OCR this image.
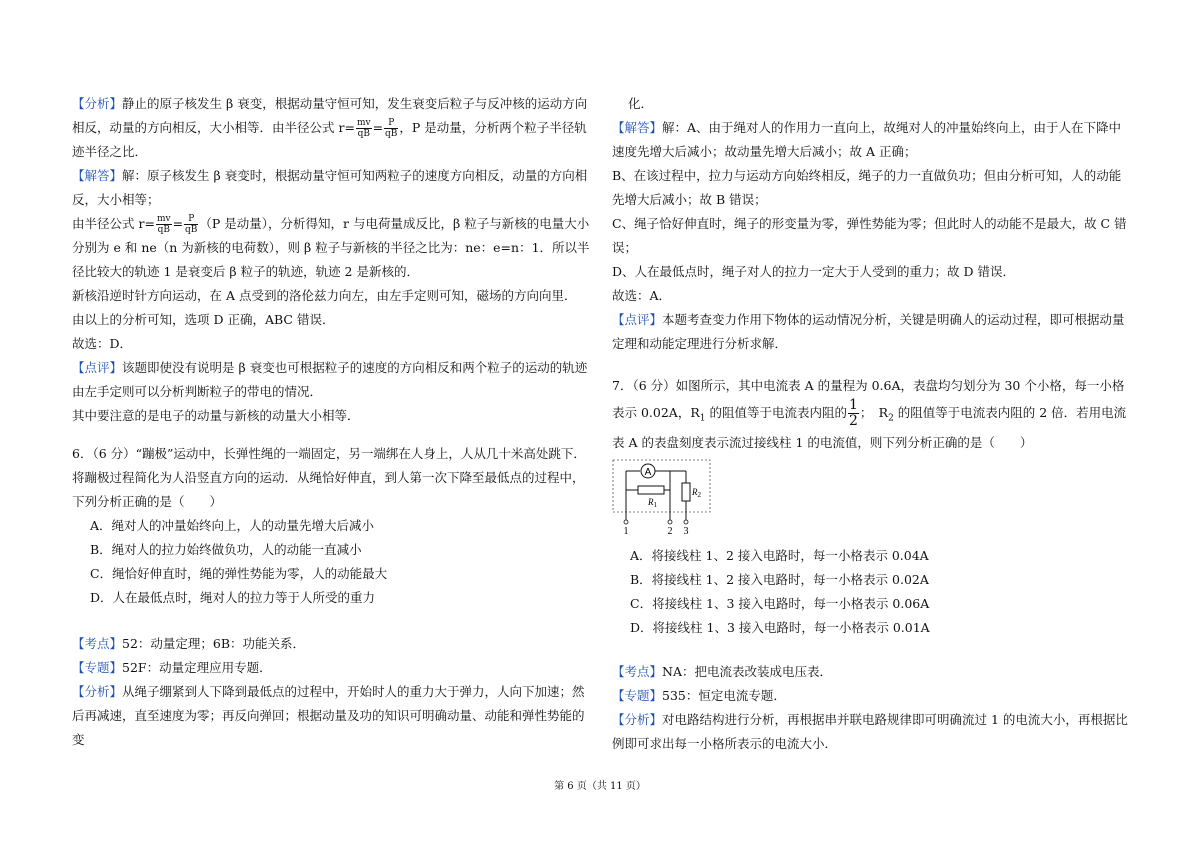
【分析】静止的原子核发生 β 衰变，根据动量守恒可知，发生衰变后粒子与反冲核的运动方向相反，动量的方向相反，大小相等．由半径公式 $r= \frac{mv}{qB} = \frac{P}{qB}$ ，P 是动量，分析两个粒子半径轨迹半径之比．

【解答】解：原子核发生 β 衰变时，根据动量守恒可知两粒子的速度方向相反，动量的方向相反，大小相等；

由半径公式 $r= \frac{mv}{qB} = \frac{P}{qB} (P$ 是动量），分析得知，r 与电荷量成反比，β 粒子与新核的电量大小分别为 e 和 ne（n 为新核的电荷数），则 β 粒子与新核的半径之比为：ne：e=n：1．所以半径比较大的轨迹 1 是衰变后 β 粒子的轨迹，轨迹 2 是新核的．

新核沿逆时针方向运动，在 A 点受到的洛伦兹力向左，由左手定则可知，磁场的方向向里．

由以上的分析可知，选项 D 正确，ABC 错误．

故选：D．

【点评】该题即使没有说明是 β 衰变也可根据粒子的速度的方向相反和两个粒子的运动的轨迹由左手定则可以分析判断粒子的带电的情况．

其中要注意的是电子的动量与新核的动量大小相等．

6．（6 分）“蹦极”运动中，长弹性绳的一端固定，另一端绑在人身上，人从几十米高处跳下．将蹦极过程简化为人沿竖直方向的运动．从绳恰好伸直，到人第一次下降至最低点的过程中，下列分析正确的是（　　）

A．绳对人的冲量始终向上，人的动量先增大后减小

B．绳对人的拉力始终做负功，人的动能一直减小

C．绳恰好伸直时，绳的弹性势能为零，人的动能最大

D．人在最低点时，绳对人的拉力等于人所受的重力

【考点】52：动量定理；6B：功能关系．

【专题】52F：动量定理应用专题．

【分析】从绳子绷紧到人下降到最低点的过程中，开始时人的重力大于弹力，人向下加速；然后再减速，直至速度为零；再反向弹回；根据动量及功的知识可明确动量、动能和弹性势能的变

化．

【解答】解：A、由于绳对人的作用力一直向上，故绳对人的冲量始终向上，由于人在下降中速度先增大后减小；故动量先增大后减小；故 A 正确；

B、在该过程中，拉力与运动方向始终相反，绳子的力一直做负功；但由分析可知，人的动能先增大后减小；故 B 错误；

C、绳子恰好伸直时，绳子的形变量为零，弹性势能为零；但此时人的动能不是最大，故 C 错误；

D、人在最低点时，绳子对人的拉力一定大于人受到的重力；故 D 错误．

故选：A．

【点评】本题考查变力作用下物体的运动情况分析，关键是明确人的运动过程，即可根据动量定理和动能定理进行分析求解．

7．（6 分）如图所示，其中电流表 A 的量程为 0.6A，表盘均匀划分为 30 个小格，每一小格表示 0.02A，$R_1$ 的阻值等于电流表内阻的 $\frac{1}{2}$ ；　$R_2$ 的阻值等于电流表内阻的 2 倍．若用电流表 A 的表盘刻度表示流过接线柱 1 的电流值，则下列分析正确的是（　　）

A
$R_1$
$R_2$
1	2 3

A．将接线柱 1、2 接入电路时，每一小格表示 0.04A

B．将接线柱 1、2 接入电路时，每一小格表示 0.02A

C．将接线柱 1、3 接入电路时，每一小格表示 0.06A

D．将接线柱 1、3 接入电路时，每一小格表示 0.01A

【考点】NA：把电流表改装成电压表．

【专题】535：恒定电流专题．

【分析】对电路结构进行分析，再根据串并联电路规律即可明确流过 1 的电流大小，再根据比例即可求出每一小格所表示的电流大小．

第 6 页（共 11 页）
